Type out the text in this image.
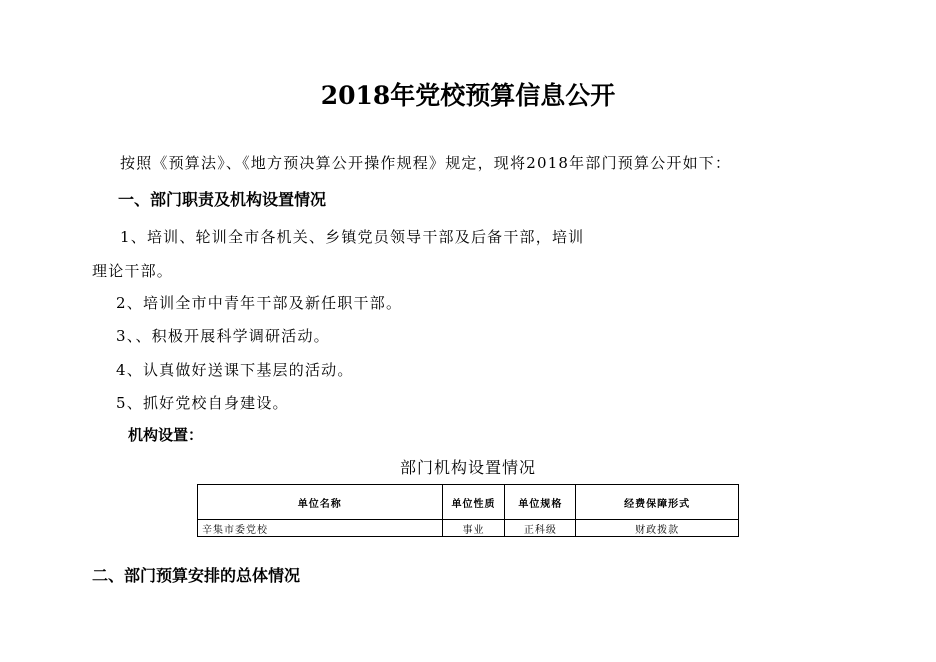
2018年党校预算信息公开
按照《预算法》、《地方预决算公开操作规程》规定，现将2018年部门预算公开如下：
一、部门职责及机构设置情况
1、培训、轮训全市各机关、乡镇党员领导干部及后备干部，培训
理论干部。
2、培训全市中青年干部及新任职干部。
3、、积极开展科学调研活动。
4、认真做好送课下基层的活动。
5、抓好党校自身建设。
机构设置：
部门机构设置情况
单位名称	单位性质	单位规格	经费保障形式
辛集市委党校	事业	正科级	财政拨款
二、部门预算安排的总体情况
